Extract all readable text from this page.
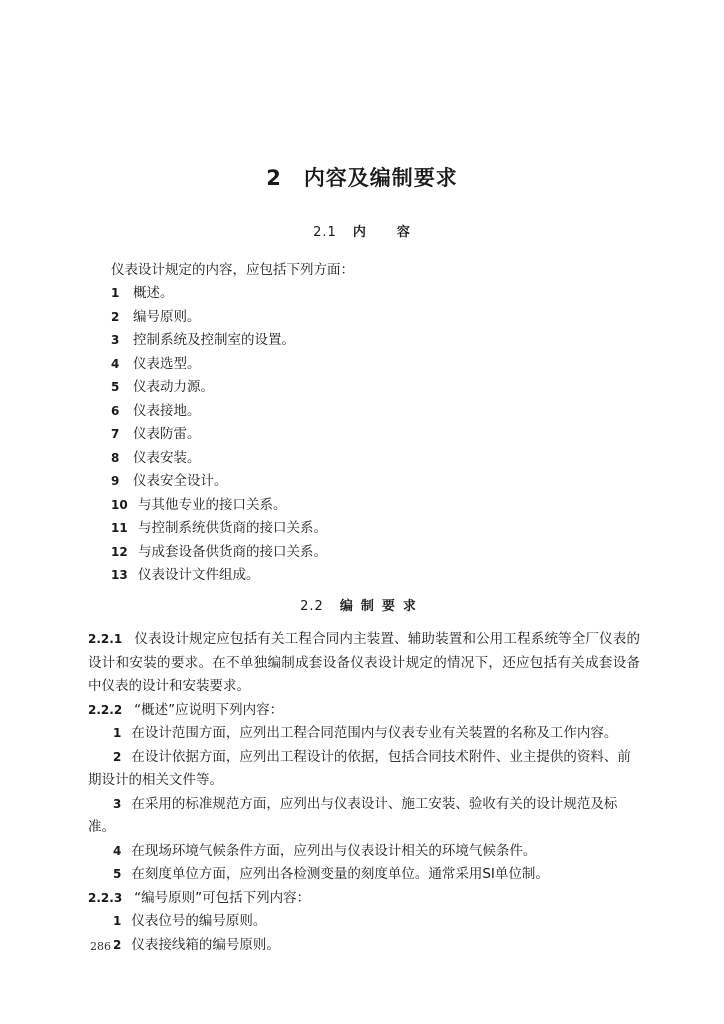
2 内容及编制要求
2.1 内 容
仪表设计规定的内容，应包括下列方面：
1 概述。
2 编号原则。
3 控制系统及控制室的设置。
4 仪表选型。
5 仪表动力源。
6 仪表接地。
7 仪表防雷。
8 仪表安装。
9 仪表安全设计。
10 与其他专业的接口关系。
11 与控制系统供货商的接口关系。
12 与成套设备供货商的接口关系。
13 仪表设计文件组成。
2.2 编制要求
2.2.1 仪表设计规定应包括有关工程合同内主装置、辅助装置和公用工程系统等全厂仪表的设计和安装的要求。在不单独编制成套设备仪表设计规定的情况下，还应包括有关成套设备中仪表的设计和安装要求。
2.2.2 “概述”应说明下列内容：
1 在设计范围方面，应列出工程合同范围内与仪表专业有关装置的名称及工作内容。
2 在设计依据方面，应列出工程设计的依据，包括合同技术附件、业主提供的资料、前期设计的相关文件等。
3 在采用的标准规范方面，应列出与仪表设计、施工安装、验收有关的设计规范及标准。
4 在现场环境气候条件方面，应列出与仪表设计相关的环境气候条件。
5 在刻度单位方面，应列出各检测变量的刻度单位。通常采用SI单位制。
2.2.3 “编号原则”可包括下列内容：
1 仪表位号的编号原则。
2 仪表接线箱的编号原则。
286
